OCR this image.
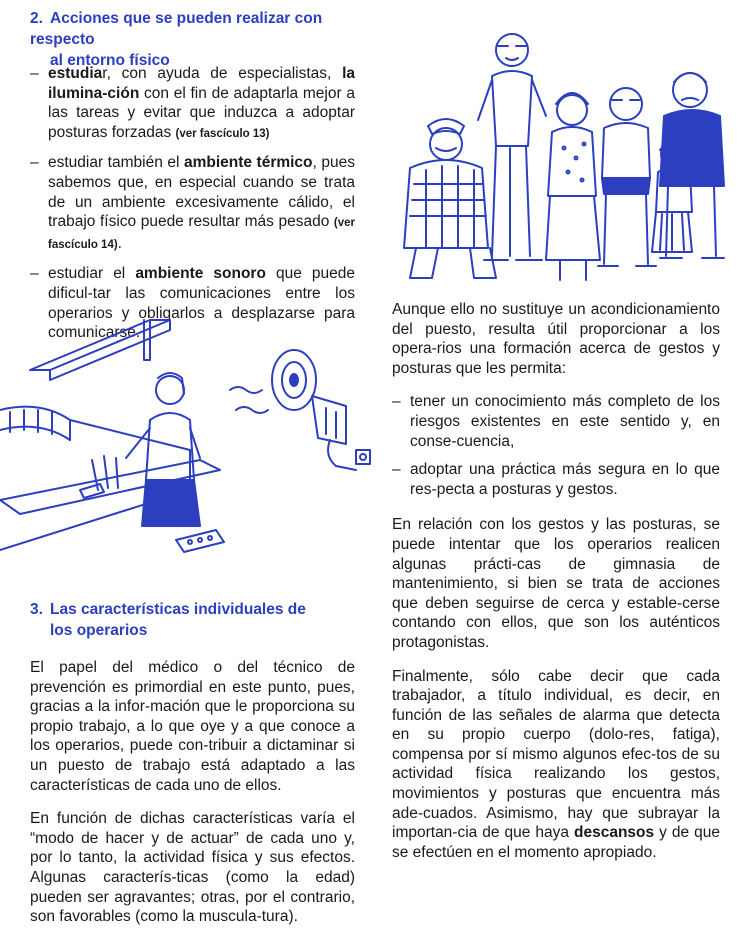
2. Acciones que se pueden realizar con respecto
al entorno físico
– estudiar, con ayuda de especialistas, la ilumina-ción con el fin de adaptarla mejor a las tareas y evitar que induzca a adoptar posturas forzadas (ver fascículo 13)
– estudiar también el ambiente térmico, pues sabemos que, en especial cuando se trata de un ambiente excesivamente cálido, el trabajo físico puede resultar más pesado (ver fascículo 14).
– estudiar el ambiente sonoro que puede dificul-tar las comunicaciones entre los operarios y obligarlos a desplazarse para comunicarse.

Aunque ello no sustituye un acondicionamiento del puesto, resulta útil proporcionar a los opera-rios una formación acerca de gestos y posturas que les permita:

– tener un conocimiento más completo de los riesgos existentes en este sentido y, en conse-cuencia,
– adoptar una práctica más segura en lo que res-pecta a posturas y gestos.

En relación con los gestos y las posturas, se puede intentar que los operarios realicen algunas prácti-cas de gimnasia de mantenimiento, si bien se trata de acciones que deben seguirse de cerca y estable-cerse contando con ellos, que son los auténticos protagonistas.

Finalmente, sólo cabe decir que cada trabajador, a título individual, es decir, en función de las señales de alarma que detecta en su propio cuerpo (dolo-res, fatiga), compensa por sí mismo algunos efec-tos de su actividad física realizando los gestos, movimientos y posturas que encuentra más ade-cuados. Asimismo, hay que subrayar la importan-cia de que haya descansos y de que se efectúen en el momento apropiado.

3. Las características individuales de
los operarios

El papel del médico o del técnico de prevención es primordial en este punto, pues, gracias a la infor-mación que le proporciona su propio trabajo, a lo que oye y a que conoce a los operarios, puede con-tribuir a dictaminar si un puesto de trabajo está adaptado a las características de cada uno de ellos.

En función de dichas características varía el “modo de hacer y de actuar” de cada uno y, por lo tanto, la actividad física y sus efectos. Algunas caracterís-ticas (como la edad) pueden ser agravantes; otras, por el contrario, son favorables (como la muscula-tura).
